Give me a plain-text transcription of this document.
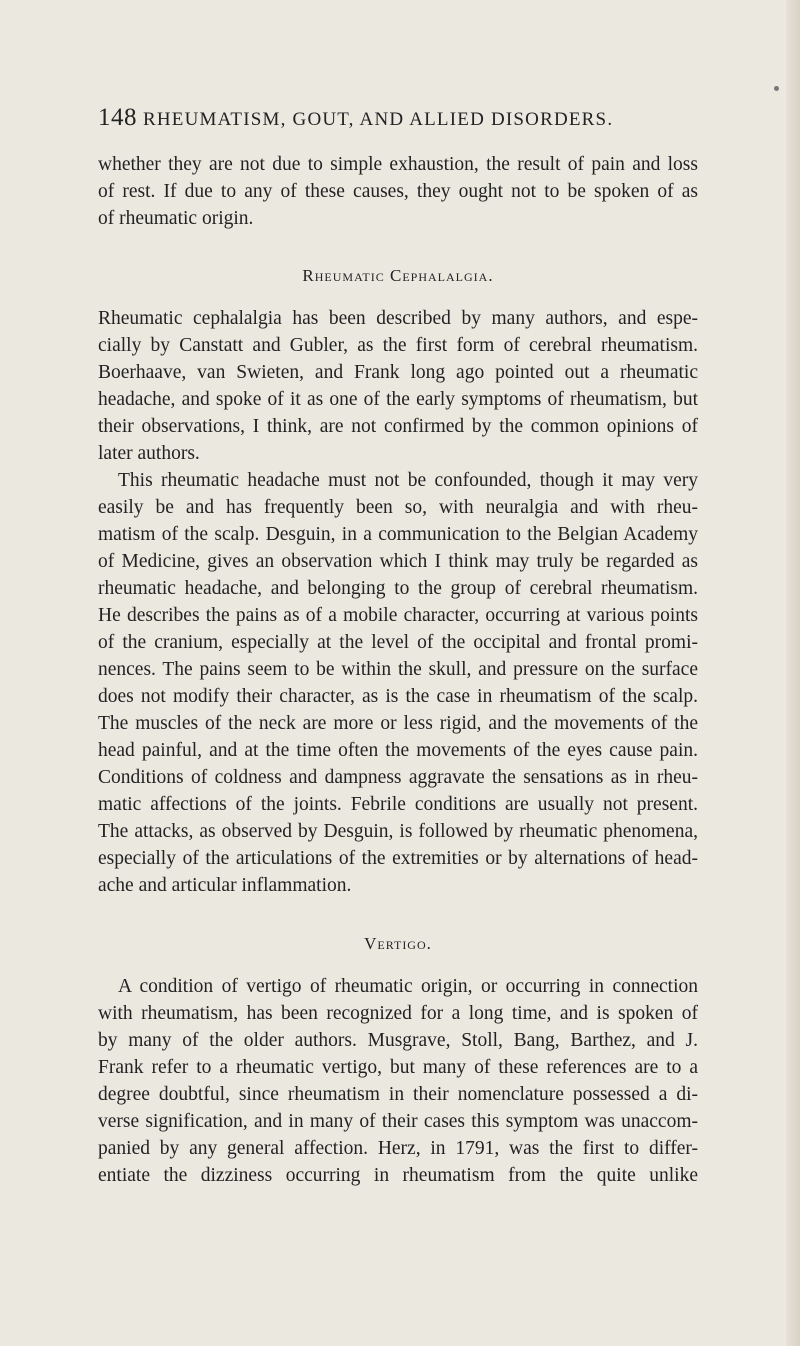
148 RHEUMATISM, GOUT, AND ALLIED DISORDERS.
whether they are not due to simple exhaustion, the result of pain and loss
of rest. If due to any of these causes, they ought not to be spoken of as
of rheumatic origin.
Rheumatic Cephalalgia.
Rheumatic cephalalgia has been described by many authors, and espe-
cially by Canstatt and Gubler, as the first form of cerebral rheumatism.
Boerhaave, van Swieten, and Frank long ago pointed out a rheumatic
headache, and spoke of it as one of the early symptoms of rheumatism, but
their observations, I think, are not confirmed by the common opinions of
later authors.
This rheumatic headache must not be confounded, though it may very
easily be and has frequently been so, with neuralgia and with rheu-
matism of the scalp. Desguin, in a communication to the Belgian Academy
of Medicine, gives an observation which I think may truly be regarded as
rheumatic headache, and belonging to the group of cerebral rheumatism.
He describes the pains as of a mobile character, occurring at various points
of the cranium, especially at the level of the occipital and frontal promi-
nences. The pains seem to be within the skull, and pressure on the surface
does not modify their character, as is the case in rheumatism of the scalp.
The muscles of the neck are more or less rigid, and the movements of the
head painful, and at the time often the movements of the eyes cause pain.
Conditions of coldness and dampness aggravate the sensations as in rheu-
matic affections of the joints. Febrile conditions are usually not present.
The attacks, as observed by Desguin, is followed by rheumatic phenomena,
especially of the articulations of the extremities or by alternations of head-
ache and articular inflammation.
Vertigo.
A condition of vertigo of rheumatic origin, or occurring in connection
with rheumatism, has been recognized for a long time, and is spoken of
by many of the older authors. Musgrave, Stoll, Bang, Barthez, and J.
Frank refer to a rheumatic vertigo, but many of these references are to a
degree doubtful, since rheumatism in their nomenclature possessed a di-
verse signification, and in many of their cases this symptom was unaccom-
panied by any general affection. Herz, in 1791, was the first to differ-
entiate the dizziness occurring in rheumatism from the quite unlike
